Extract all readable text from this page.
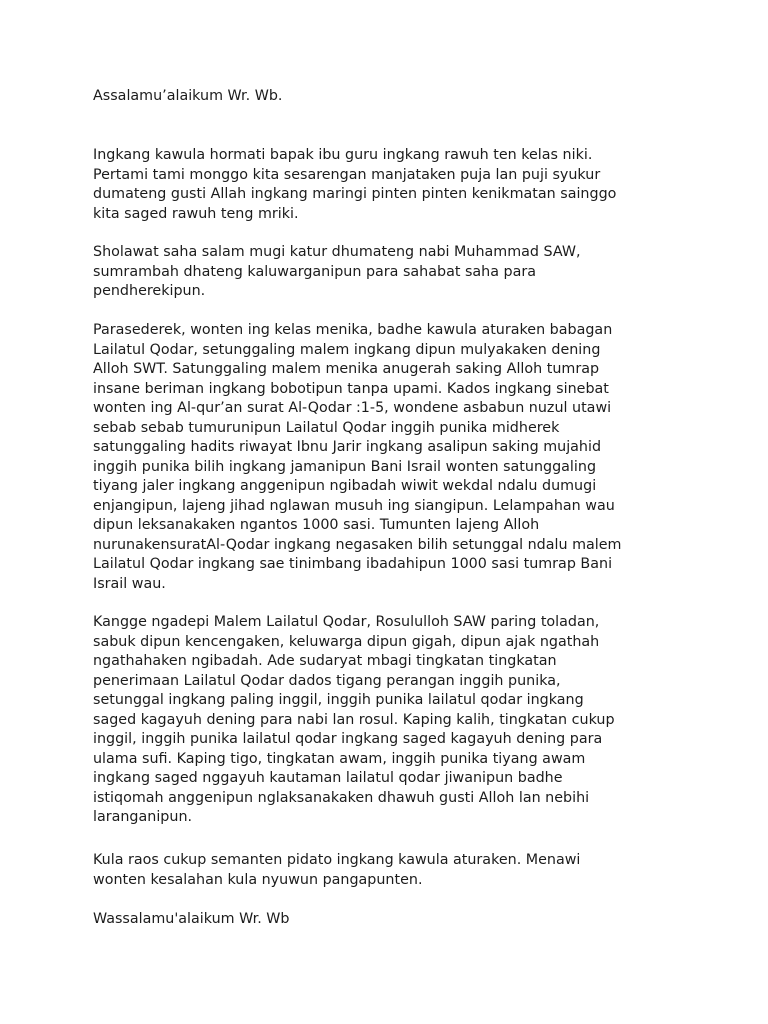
Assalamu’alaikum Wr. Wb.

Ingkang kawula hormati bapak ibu guru ingkang rawuh ten kelas niki.
Pertami tami monggo kita sesarengan manjataken puja lan puji syukur
dumateng gusti Allah ingkang maringi pinten pinten kenikmatan sainggo
kita saged rawuh teng mriki.

Sholawat saha salam mugi katur dhumateng nabi Muhammad SAW,
sumrambah dhateng kaluwarganipun para sahabat saha para
pendherekipun.

Parasederek, wonten ing kelas menika, badhe kawula aturaken babagan
Lailatul Qodar, setunggaling malem ingkang dipun mulyakaken dening
Alloh SWT. Satunggaling malem menika anugerah saking Alloh tumrap
insane beriman ingkang bobotipun tanpa upami. Kados ingkang sinebat
wonten ing Al-qur’an surat Al-Qodar :1-5, wondene asbabun nuzul utawi
sebab sebab tumurunipun Lailatul Qodar inggih punika midherek
satunggaling hadits riwayat Ibnu Jarir ingkang asalipun saking mujahid
inggih punika bilih ingkang jamanipun Bani Israil wonten satunggaling
tiyang jaler ingkang anggenipun ngibadah wiwit wekdal ndalu dumugi
enjangipun, lajeng jihad nglawan musuh ing siangipun. Lelampahan wau
dipun leksanakaken ngantos 1000 sasi. Tumunten lajeng Alloh
nurunakensuratAl-Qodar ingkang negasaken bilih setunggal ndalu malem
Lailatul Qodar ingkang sae tinimbang ibadahipun 1000 sasi tumrap Bani
Israil wau.

Kangge ngadepi Malem Lailatul Qodar, Rosululloh SAW paring toladan,
sabuk dipun kencengaken, keluwarga dipun gigah, dipun ajak ngathah
ngathahaken ngibadah. Ade sudaryat mbagi tingkatan tingkatan
penerimaan Lailatul Qodar dados tigang perangan inggih punika,
setunggal ingkang paling inggil, inggih punika lailatul qodar ingkang
saged kagayuh dening para nabi lan rosul. Kaping kalih, tingkatan cukup
inggil, inggih punika lailatul qodar ingkang saged kagayuh dening para
ulama sufi. Kaping tigo, tingkatan awam, inggih punika tiyang awam
ingkang saged nggayuh kautaman lailatul qodar jiwanipun badhe
istiqomah anggenipun nglaksanakaken dhawuh gusti Alloh lan nebihi
laranganipun.

Kula raos cukup semanten pidato ingkang kawula aturaken. Menawi
wonten kesalahan kula nyuwun pangapunten.

Wassalamu'alaikum Wr. Wb
